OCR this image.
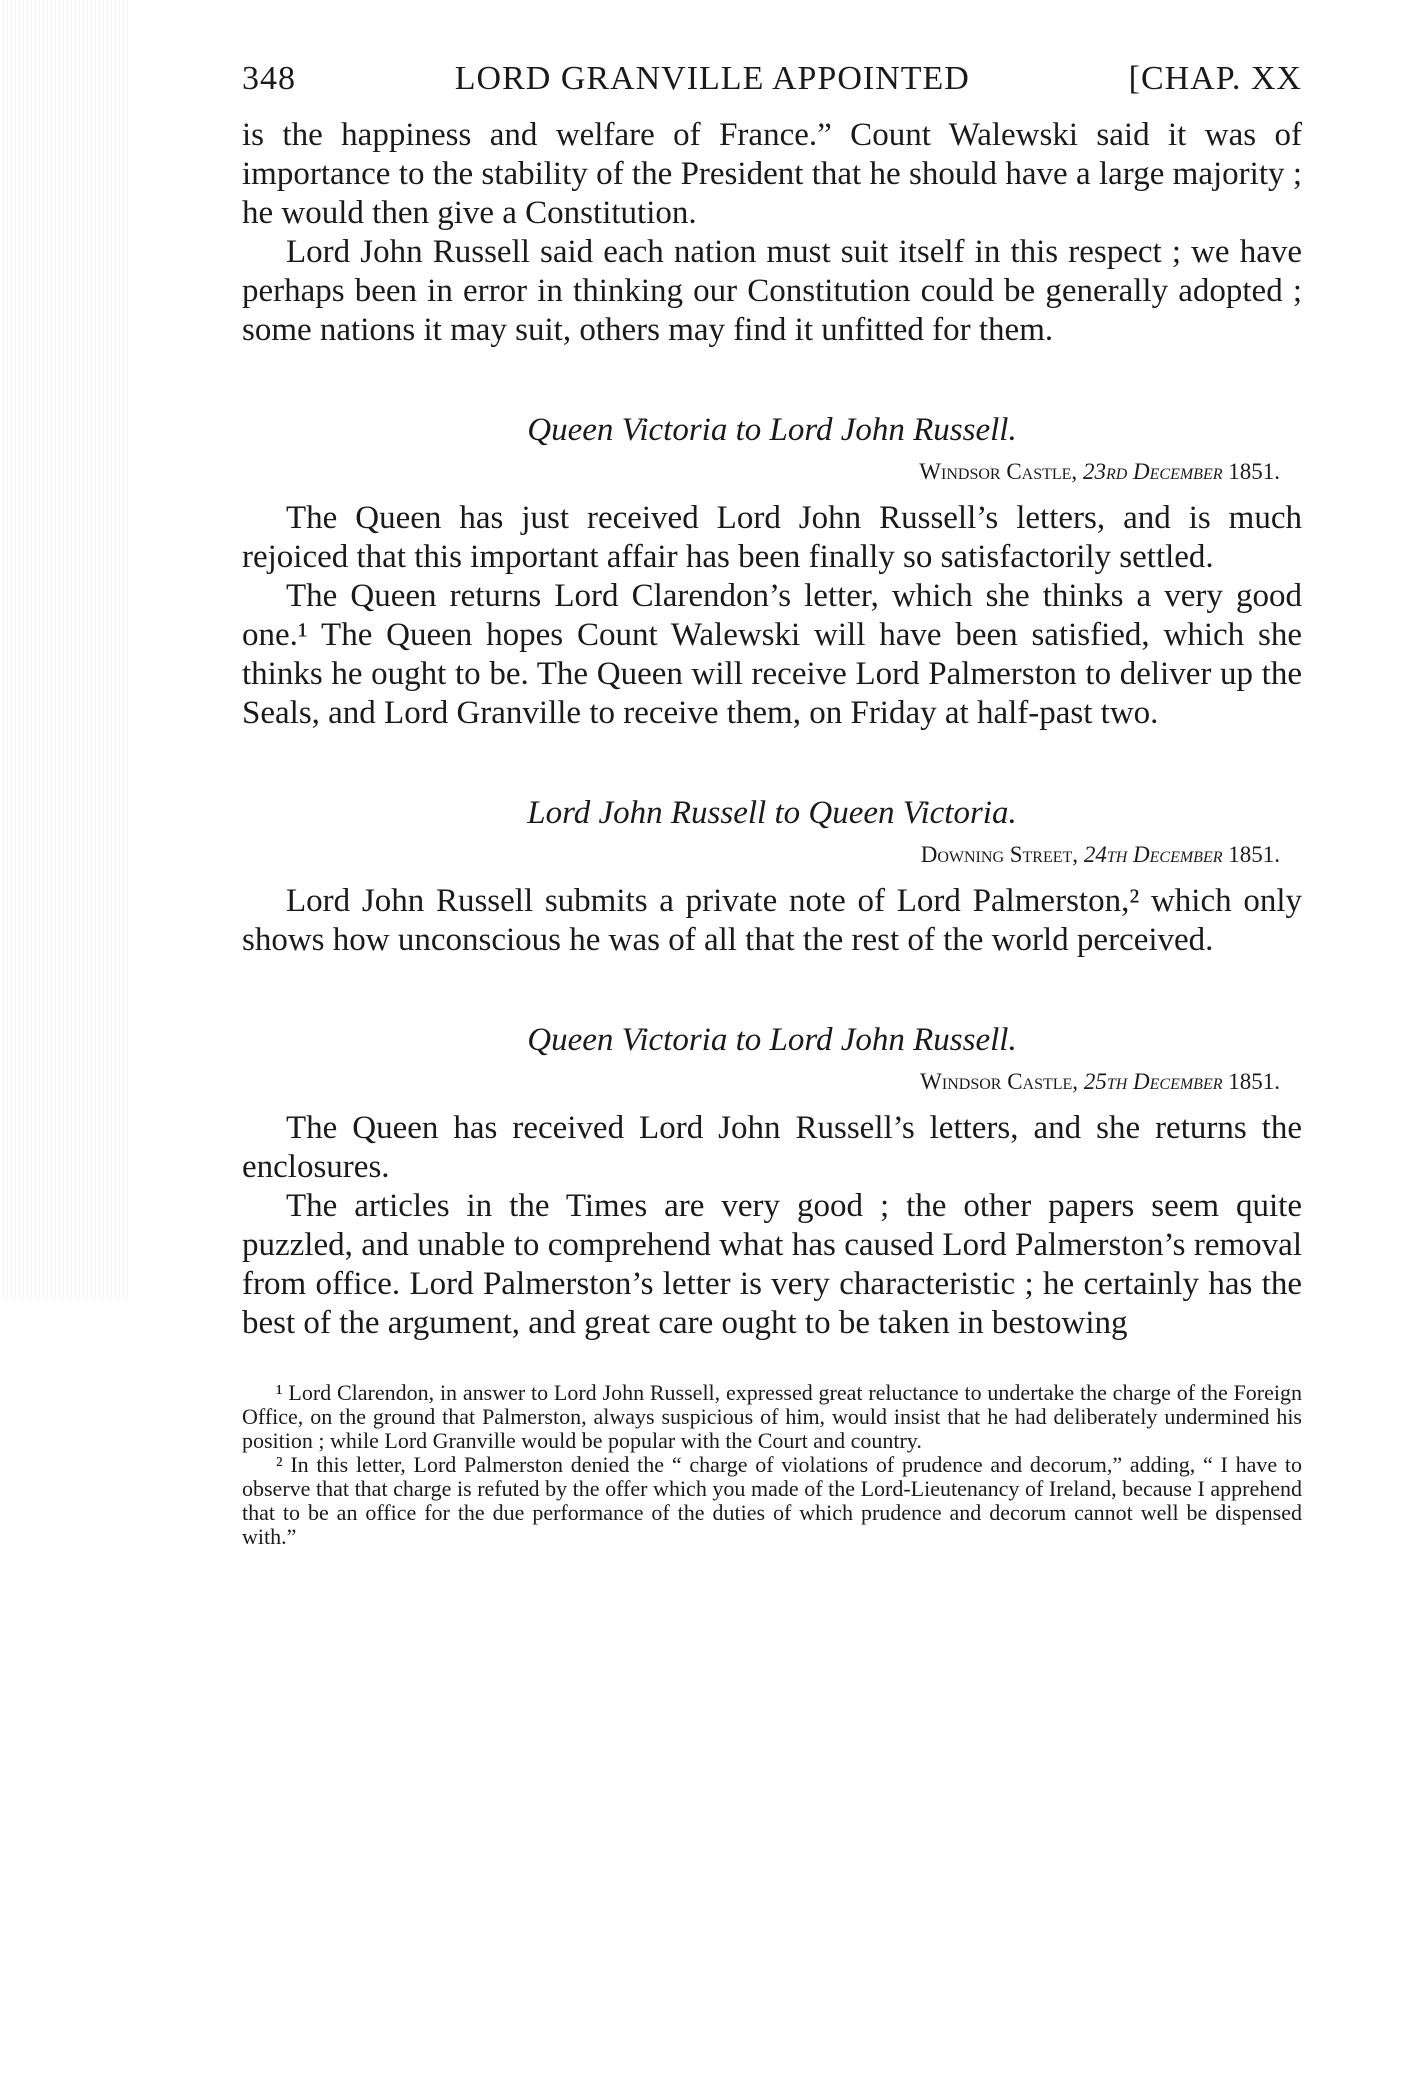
348	LORD GRANVILLE APPOINTED	[CHAP. XX

is the happiness and welfare of France.” Count Walewski said it was of importance to the stability of the President that he should have a large majority ; he would then give a Constitution.

Lord John Russell said each nation must suit itself in this respect ; we have perhaps been in error in thinking our Constitution could be generally adopted ; some nations it may suit, others may find it unfitted for them.

Queen Victoria to Lord John Russell.
Windsor Castle, 23rd December 1851.

The Queen has just received Lord John Russell’s letters, and is much rejoiced that this important affair has been finally so satisfactorily settled.

The Queen returns Lord Clarendon’s letter, which she thinks a very good one.¹ The Queen hopes Count Walewski will have been satisfied, which she thinks he ought to be. The Queen will receive Lord Palmerston to deliver up the Seals, and Lord Granville to receive them, on Friday at half-past two.

Lord John Russell to Queen Victoria.
Downing Street, 24th December 1851.

Lord John Russell submits a private note of Lord Palmerston,² which only shows how unconscious he was of all that the rest of the world perceived.

Queen Victoria to Lord John Russell.
Windsor Castle, 25th December 1851.

The Queen has received Lord John Russell’s letters, and she returns the enclosures.

The articles in the Times are very good ; the other papers seem quite puzzled, and unable to comprehend what has caused Lord Palmerston’s removal from office. Lord Palmerston’s letter is very characteristic ; he certainly has the best of the argument, and great care ought to be taken in bestowing

¹ Lord Clarendon, in answer to Lord John Russell, expressed great reluctance to undertake the charge of the Foreign Office, on the ground that Palmerston, always suspicious of him, would insist that he had deliberately undermined his position ; while Lord Granville would be popular with the Court and country.

² In this letter, Lord Palmerston denied the “ charge of violations of prudence and decorum,” adding, “ I have to observe that that charge is refuted by the offer which you made of the Lord-Lieutenancy of Ireland, because I apprehend that to be an office for the due performance of the duties of which prudence and decorum cannot well be dispensed with.”
